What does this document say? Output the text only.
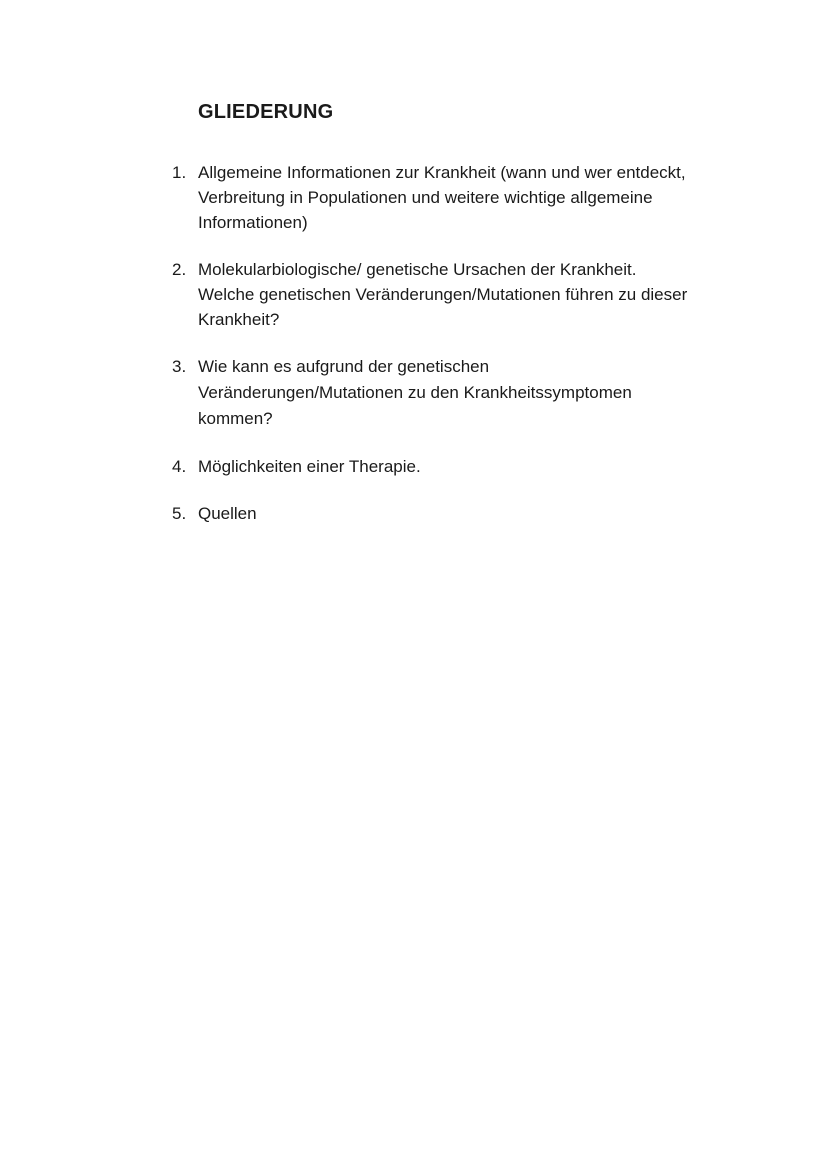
GLIEDERUNG
1. Allgemeine Informationen zur Krankheit (wann und wer entdeckt,
Verbreitung in Populationen und weitere wichtige allgemeine
Informationen)
2. Molekularbiologische/ genetische Ursachen der Krankheit.
Welche genetischen Veränderungen/Mutationen führen zu dieser
Krankheit?
3. Wie kann es aufgrund der genetischen
Veränderungen/Mutationen zu den Krankheitssymptomen
kommen?
4. Möglichkeiten einer Therapie.
5. Quellen
